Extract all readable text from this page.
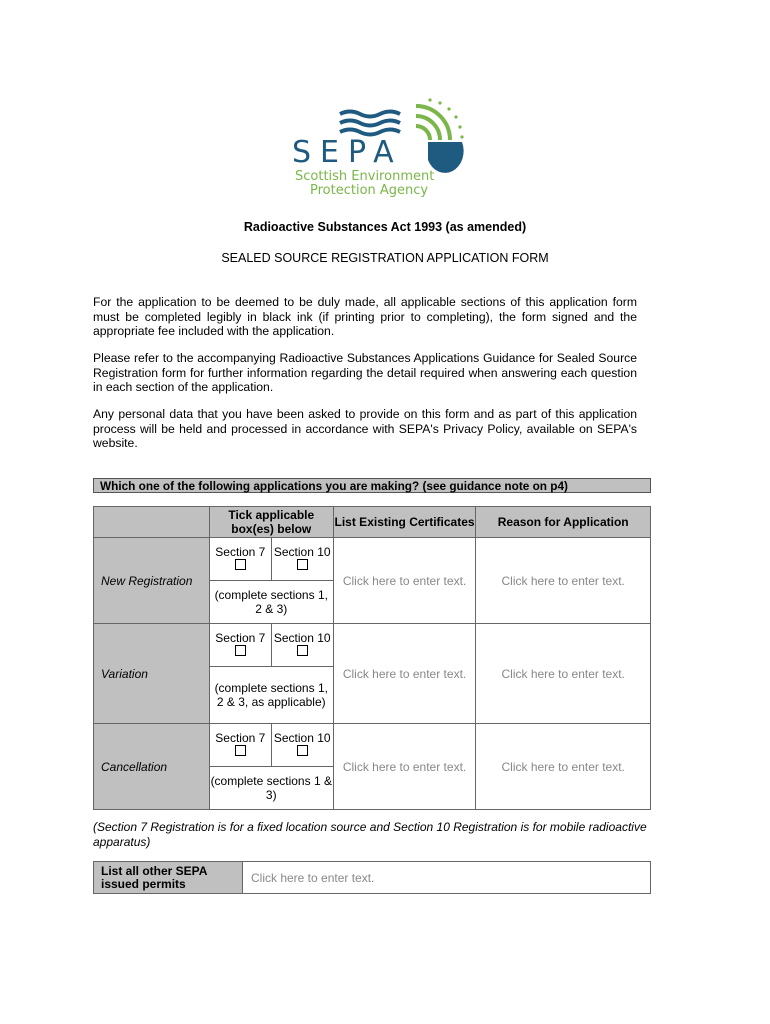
SEPA
Scottish Environment
Protection Agency
Radioactive Substances Act 1993 (as amended)
SEALED SOURCE REGISTRATION APPLICATION FORM
For the application to be deemed to be duly made, all applicable sections of this application form must be completed legibly in black ink (if printing prior to completing), the form signed and the appropriate fee included with the application.
Please refer to the accompanying Radioactive Substances Applications Guidance for Sealed Source Registration form for further information regarding the detail required when answering each question in each section of the application.
Any personal data that you have been asked to provide on this form and as part of this application process will be held and processed in accordance with SEPA's Privacy Policy, available on SEPA's website.
Which one of the following applications you are making? (see guidance note on p4)
	Tick applicable box(es) below		List Existing Certificates	Reason for Application
New Registration	Section 7	Section 10	Click here to enter text.	Click here to enter text.
	(complete sections 1, 2 & 3)			
Variation	Section 7	Section 10	Click here to enter text.	Click here to enter text.
	(complete sections 1, 2 & 3, as applicable)			
Cancellation	Section 7	Section 10	Click here to enter text.	Click here to enter text.
	(complete sections 1 & 3)			
(Section 7 Registration is for a fixed location source and Section 10 Registration is for mobile radioactive apparatus)
List all other SEPA issued permits	Click here to enter text.
